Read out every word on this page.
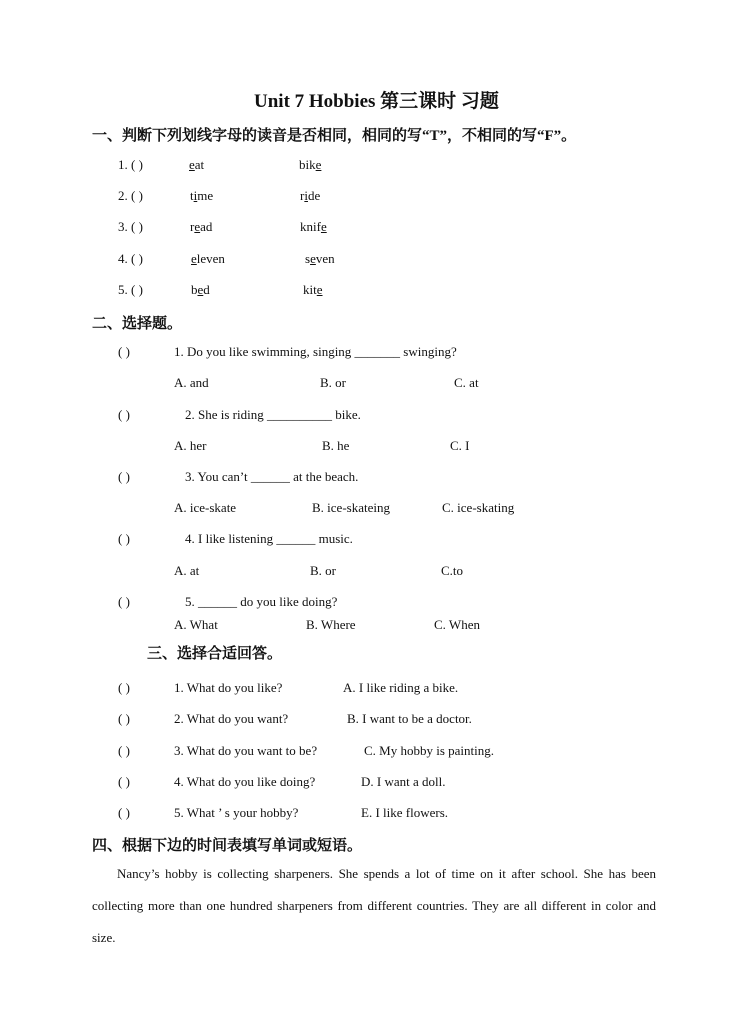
Unit 7 Hobbies 第三课时 习题
一、判断下列划线字母的读音是否相同，相同的写“T”，不相同的写“F”。
1. ( )	eat	bike
2. ( )	time	ride
3. ( )	read	knife
4. ( )	eleven	seven
5. ( )	bed	kite
二、选择题。
( )	1. Do you like swimming, singing _______ swinging?
A. and	B. or	C. at
( )	2. She is riding __________ bike.
A. her	B. he	C. I
( )	3. You can’t ______ at the beach.
A. ice-skate	B. ice-skateing	C. ice-skating
( )	4. I like listening ______ music.
A. at	B. or	C.to
( )	5. ______ do you like doing?
A. What	B. Where	C. When
三、选择合适回答。
( )	1. What do you like?	A. I like riding a bike.
( )	2. What do you want?	B. I want to be a doctor.
( )	3. What do you want to be?	C. My hobby is painting.
( )	4. What do you like doing?	D. I want a doll.
( )	5. What ’ s your hobby?	E. I like flowers.
四、根据下边的时间表填写单词或短语。
Nancy’s hobby is collecting sharpeners. She spends a lot of time on it after school. She has been collecting more than one hundred sharpeners from different countries. They are all different in color and size.
